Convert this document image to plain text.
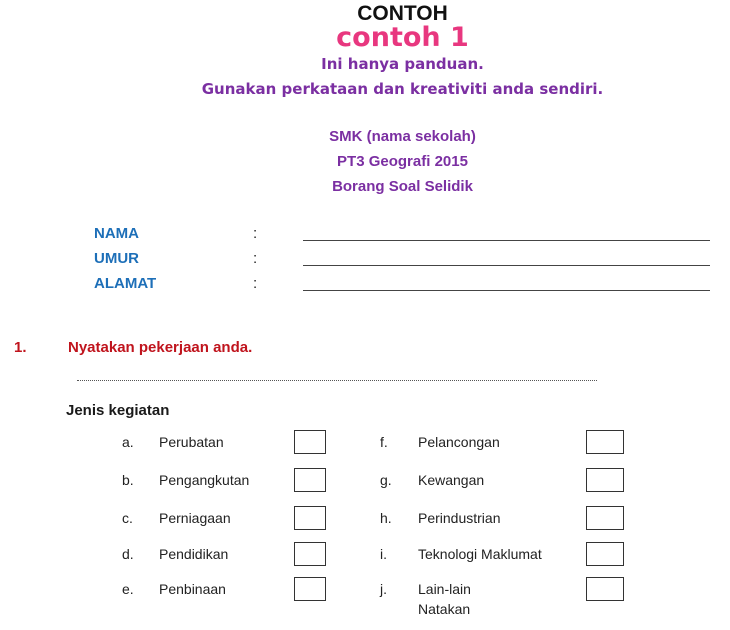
CONTOH
contoh 1
Ini hanya panduan.
Gunakan perkataan dan kreativiti anda sendiri.
SMK (nama sekolah)
PT3 Geografi 2015
Borang Soal Selidik
NAMA	:
UMUR	:
ALAMAT	:
1.	Nyatakan pekerjaan anda.
Jenis kegiatan
a. Perubatan
b. Pengangkutan
c. Perniagaan
d. Pendidikan
e. Penbinaan
f. Pelancongan
g. Kewangan
h. Perindustrian
i. Teknologi Maklumat
j. Lain-lain
Natakan
